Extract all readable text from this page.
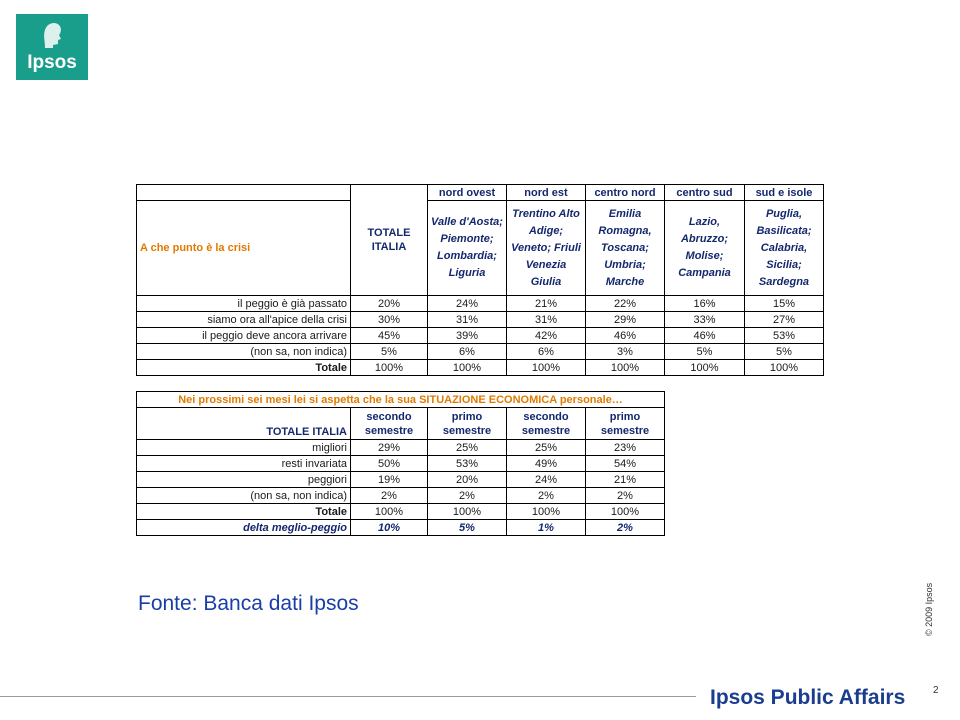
Ipsos
	TOTALE ITALIA	nord ovest	nord est	centro nord	centro sud	sud e isole
A che punto è la crisi		Valle d'Aosta; Piemonte; Lombardia; Liguria	Trentino Alto Adige; Veneto; Friuli Venezia Giulia	Emilia Romagna, Toscana; Umbria; Marche	Lazio, Abruzzo; Molise; Campania	Puglia, Basilicata; Calabria, Sicilia; Sardegna
il peggio è già passato	20%	24%	21%	22%	16%	15%
siamo ora all'apice della crisi	30%	31%	31%	29%	33%	27%
il peggio deve ancora arrivare	45%	39%	42%	46%	46%	53%
(non sa, non indica)	5%	6%	6%	3%	5%	5%
Totale	100%	100%	100%	100%	100%	100%
Nei prossimi sei mesi lei si aspetta che la sua SITUAZIONE ECONOMICA personale…				
TOTALE ITALIA	secondo semestre	primo semestre	secondo semestre	primo semestre
migliori	29%	25%	25%	23%
resti invariata	50%	53%	49%	54%
peggiori	19%	20%	24%	21%
(non sa, non indica)	2%	2%	2%	2%
Totale	100%	100%	100%	100%
delta meglio-peggio	10%	5%	1%	2%
Fonte: Banca dati Ipsos	© 2009 Ipsos
Ipsos Public Affairs	2
